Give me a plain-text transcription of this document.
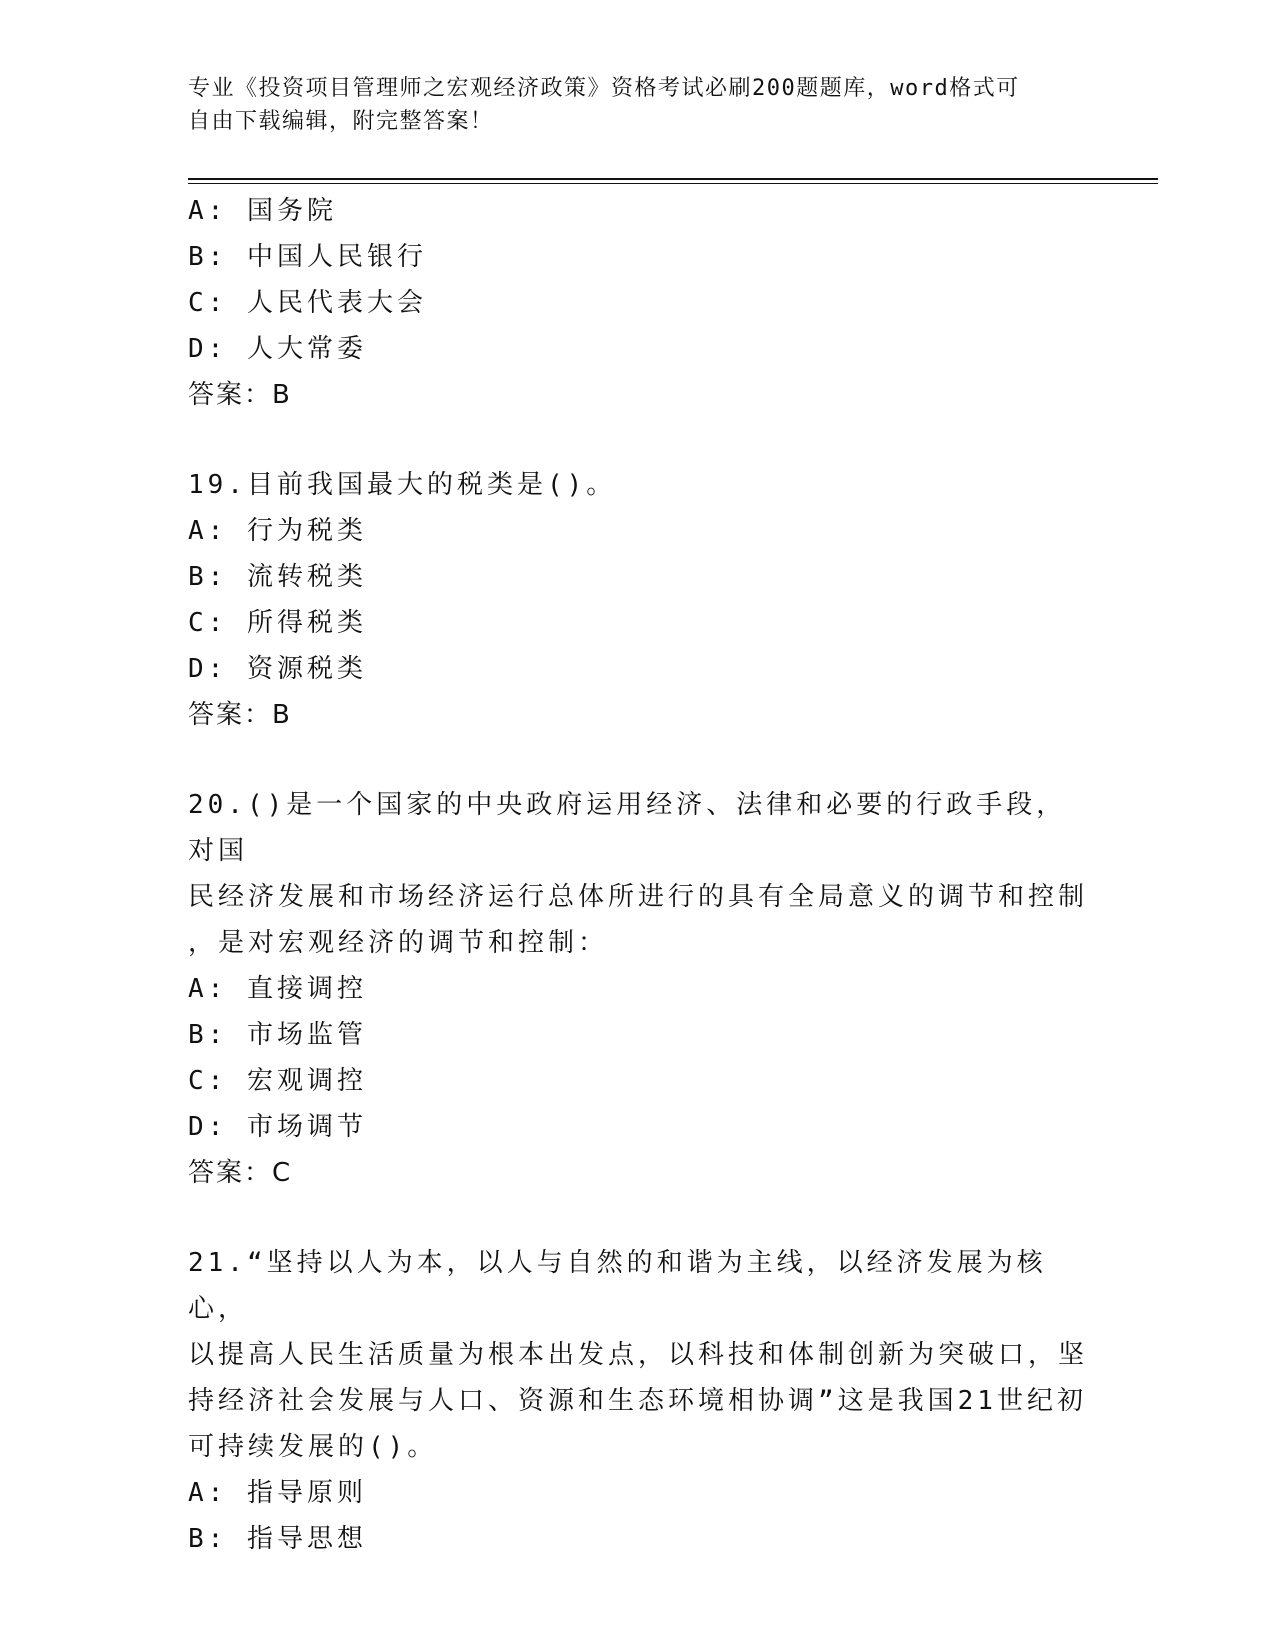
专业《投资项目管理师之宏观经济政策》资格考试必刷200题题库，word格式可
自由下载编辑，附完整答案！
A: 国务院
B: 中国人民银行
C: 人民代表大会
D: 人大常委
答案：B
19.目前我国最大的税类是()。
A: 行为税类
B: 流转税类
C: 所得税类
D: 资源税类
答案：B
20.()是一个国家的中央政府运用经济、法律和必要的行政手段，对国
民经济发展和市场经济运行总体所进行的具有全局意义的调节和控制
，是对宏观经济的调节和控制：
A: 直接调控
B: 市场监管
C: 宏观调控
D: 市场调节
答案：C
21.“坚持以人为本，以人与自然的和谐为主线，以经济发展为核心，
以提高人民生活质量为根本出发点，以科技和体制创新为突破口，坚
持经济社会发展与人口、资源和生态环境相协调”这是我国21世纪初
可持续发展的()。
A: 指导原则
B: 指导思想
